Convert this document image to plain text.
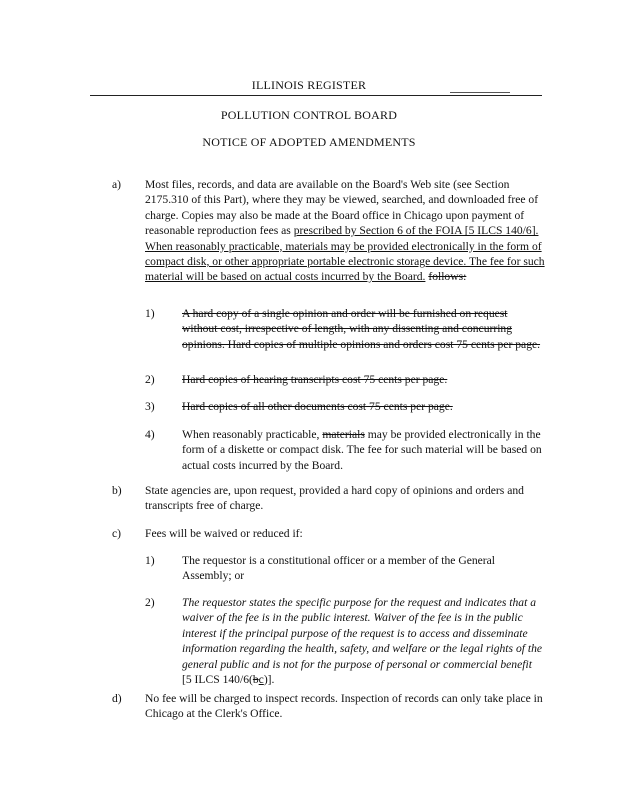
ILLINOIS REGISTER
POLLUTION CONTROL BOARD
NOTICE OF ADOPTED AMENDMENTS
a) Most files, records, and data are available on the Board's Web site (see Section 2175.310 of this Part), where they may be viewed, searched, and downloaded free of charge. Copies may also be made at the Board office in Chicago upon payment of reasonable reproduction fees as prescribed by Section 6 of the FOIA [5 ILCS 140/6]. When reasonably practicable, materials may be provided electronically in the form of compact disk, or other appropriate portable electronic storage device. The fee for such material will be based on actual costs incurred by the Board. follows:
1) A hard copy of a single opinion and order will be furnished on request without cost, irrespective of length, with any dissenting and concurring opinions. Hard copies of multiple opinions and orders cost 75 cents per page.
2) Hard copies of hearing transcripts cost 75 cents per page.
3) Hard copies of all other documents cost 75 cents per page.
4) When reasonably practicable, materials may be provided electronically in the form of a diskette or compact disk. The fee for such material will be based on actual costs incurred by the Board.
b) State agencies are, upon request, provided a hard copy of opinions and orders and transcripts free of charge.
c) Fees will be waived or reduced if:
1) The requestor is a constitutional officer or a member of the General Assembly; or
2) The requestor states the specific purpose for the request and indicates that a waiver of the fee is in the public interest. Waiver of the fee is in the public interest if the principal purpose of the request is to access and disseminate information regarding the health, safety, and welfare or the legal rights of the general public and is not for the purpose of personal or commercial benefit [5 ILCS 140/6(bc)].
d) No fee will be charged to inspect records. Inspection of records can only take place in Chicago at the Clerk's Office.
